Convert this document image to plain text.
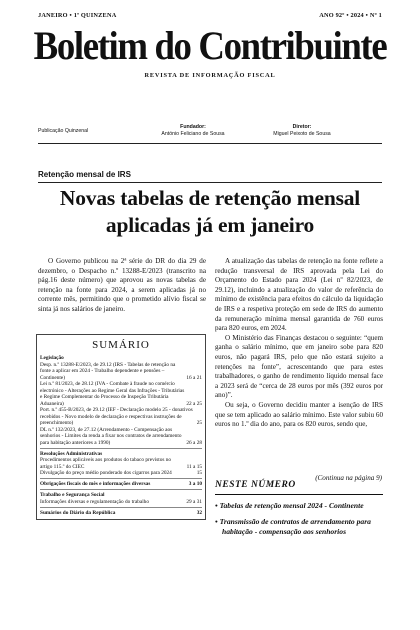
JANEIRO • 1ª QUINZENA	ANO 92º • 2024 • Nº 1
Boletim do Contribuinte
REVISTA DE INFORMAÇÃO FISCAL
Publicação Quinzenal
Fundador:
António Feliciano de Sousa
Diretor:
Miguel Peixoto de Sousa
Retenção mensal de IRS
Novas tabelas de retenção mensal
aplicadas já em janeiro

O Governo publicou na 2ª série do DR do dia 29 de dezembro, o Despacho n.º 13288-E/2023 (transcrito na pág.16 deste número) que aprovou as novas tabelas de retenção na fonte para 2024, a serem aplicadas já no corrente mês, permitindo que o prometido alívio fiscal se sinta já nos salários de janeiro.

A atualização das tabelas de retenção na fonte reflete a redução transversal de IRS aprovada pela Lei do Orçamento do Estado para 2024 (Lei nº 82/2023, de 29.12), incluindo a atualização do valor de referência do mínimo de existência para efeitos do cálculo da liquidação de IRS e a respetiva proteção em sede de IRS do aumento da remuneração mínima mensal garantida de 760 euros para 820 euros, em 2024.

O Ministério das Finanças destacou o seguinte: “quem ganha o salário mínimo, que em janeiro sobe para 820 euros, não pagará IRS, pelo que não estará sujeito a retenções na fonte”, acrescentando que para estes trabalhadores, o ganho de rendimento líquido mensal face a 2023 será de “cerca de 28 euros por mês (392 euros por ano)”.

Ou seja, o Governo decidiu manter a isenção de IRS que se tem aplicado ao salário mínimo. Este valor subiu 60 euros no 1.º dia do ano, para os 820 euros, sendo que,

(Continua na página 9)
SUMÁRIO
Legislação
Desp. n.º 13288-E/2023, de 29.12 (IRS - Tabelas de retenção na fonte a aplicar em 2024 - Trabalho dependente e pensões – Continente)	16 a 21
Lei n.º 81/2023, de 28.12 (IVA - Combate à fraude no comércio electrónico - Alterações ao Regime Geral das Infrações - Tributárias e Regime Complementar do Processo de Inspeção Tributária Aduaneira)	22 a 25
Port. n.º 455-B/2023, de 29.12 (IEF - Declaração modelo 25 - donativos recebidos - Novo modelo de declaração e respectivas instruções de preenchimento)	25
DL n.º 132/2023, de 27.12 (Arrendamento - Compensação aos senhorios - Limites da renda a fixar nos contratos de arrendamento para habitação anteriores a 1990)	26 a 28
Resoluções Administrativas
Procedimentos aplicáveis aos produtos do tabaco previstos no artigo 115.º do CIEC	11 a 15
Divulgação do preço médio ponderado dos cigarros para 2024	15
Obrigações fiscais do mês e informações diversas	3 a 10
Trabalho e Segurança Social
Informações diversas e regulamentação do trabalho	29 a 31
Sumários do Diário da República	32
NESTE NÚMERO
• Tabelas de retenção mensal 2024 - Continente
• Transmissão de contratos de arrendamento para habitação - compensação aos senhorios
